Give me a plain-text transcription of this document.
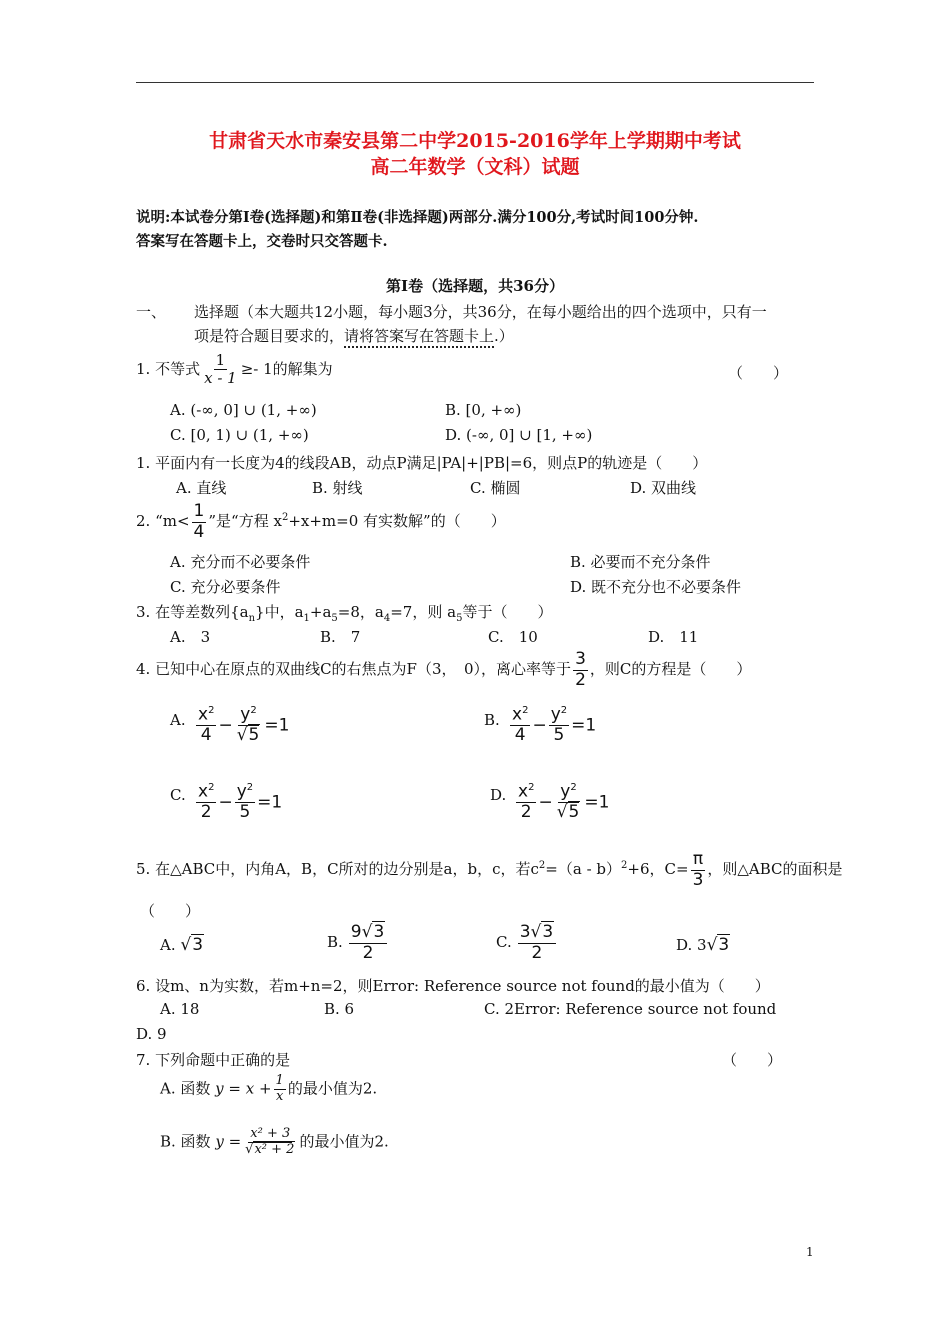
甘肃省天水市秦安县第二中学2015-2016学年上学期期中考试
高二年数学（文科）试题
说明:本试卷分第Ⅰ卷(选择题)和第Ⅱ卷(非选择题)两部分.满分100分,考试时间100分钟.
答案写在答题卡上，交卷时只交答题卡.
第Ⅰ卷（选择题，共36分）
一、 选择题（本大题共12小题，每小题3分，共36分，在每小题给出的四个选项中，只有一
项是符合题目要求的，请将答案写在答题卡上.）
1. 不等式 $\frac{1}{x - 1} \ge- 1$的解集为	（　　）
A. (-∞, 0] ∪ (1, +∞)	B. [0, +∞)
C. [0, 1) ∪ (1, +∞)	D. (-∞, 0] ∪ [1, +∞)
1. 平面内有一长度为4的线段AB，动点P满足|PA|+|PB|=6，则点P的轨迹是（　　）
A. 直线	B. 射线	C. 椭圆	D. 双曲线
2. “$m< \frac{1}{4}$ ”是“方程 $x^2+x+m=0$ 有实数解”的（　　）
A. 充分而不必要条件	B. 必要而不充分条件
C. 充分必要条件	D. 既不充分也不必要条件
3. 在等差数列$\{a_n\}$中，$a_1+a_5=8$，$a_4=7$，则 $a_5$等于（　　）
A.　3	B.　7	C.　10	D.　11
4. 已知中心在原点的双曲线C的右焦点为F（3，　0），离心率等于 $\frac{3}{2}$ ，则C的方程是（　　）
A. $\frac{x^2}{4} - \frac{y^2}{√5} =1$	B. $\frac{x^2}{4} - \frac{y^2}{5} =1$
C. $\frac{x^2}{2} - \frac{y^2}{5} =1$	D. $\frac{x^2}{2} - \frac{y^2}{√5} =1$
5. 在△ABC中，内角A，B，C所对的边分别是a，b，c，若$c^2=(a - b)^2+6$，$C= \frac{\pi}{3}$ ，则△ABC的面积是
（　　）
A. √3	B. $\frac{9√3}{2}$	C. $\frac{3√3}{2}$	D. 3√3
6. 设m、n为实数，若m+n=2，则Error: Reference source not found的最小值为（　　）
A. 18	B. 6	C. 2Error: Reference source not found
D. 9
7. 下列命题中正确的是	（　　）
A. 函数 $y = x + \frac{1}{x}$ 的最小值为2.
B. 函数 $y = \frac{\text{x² + 3}}{\text{√x² + 2}}$ 的最小值为2.
1
